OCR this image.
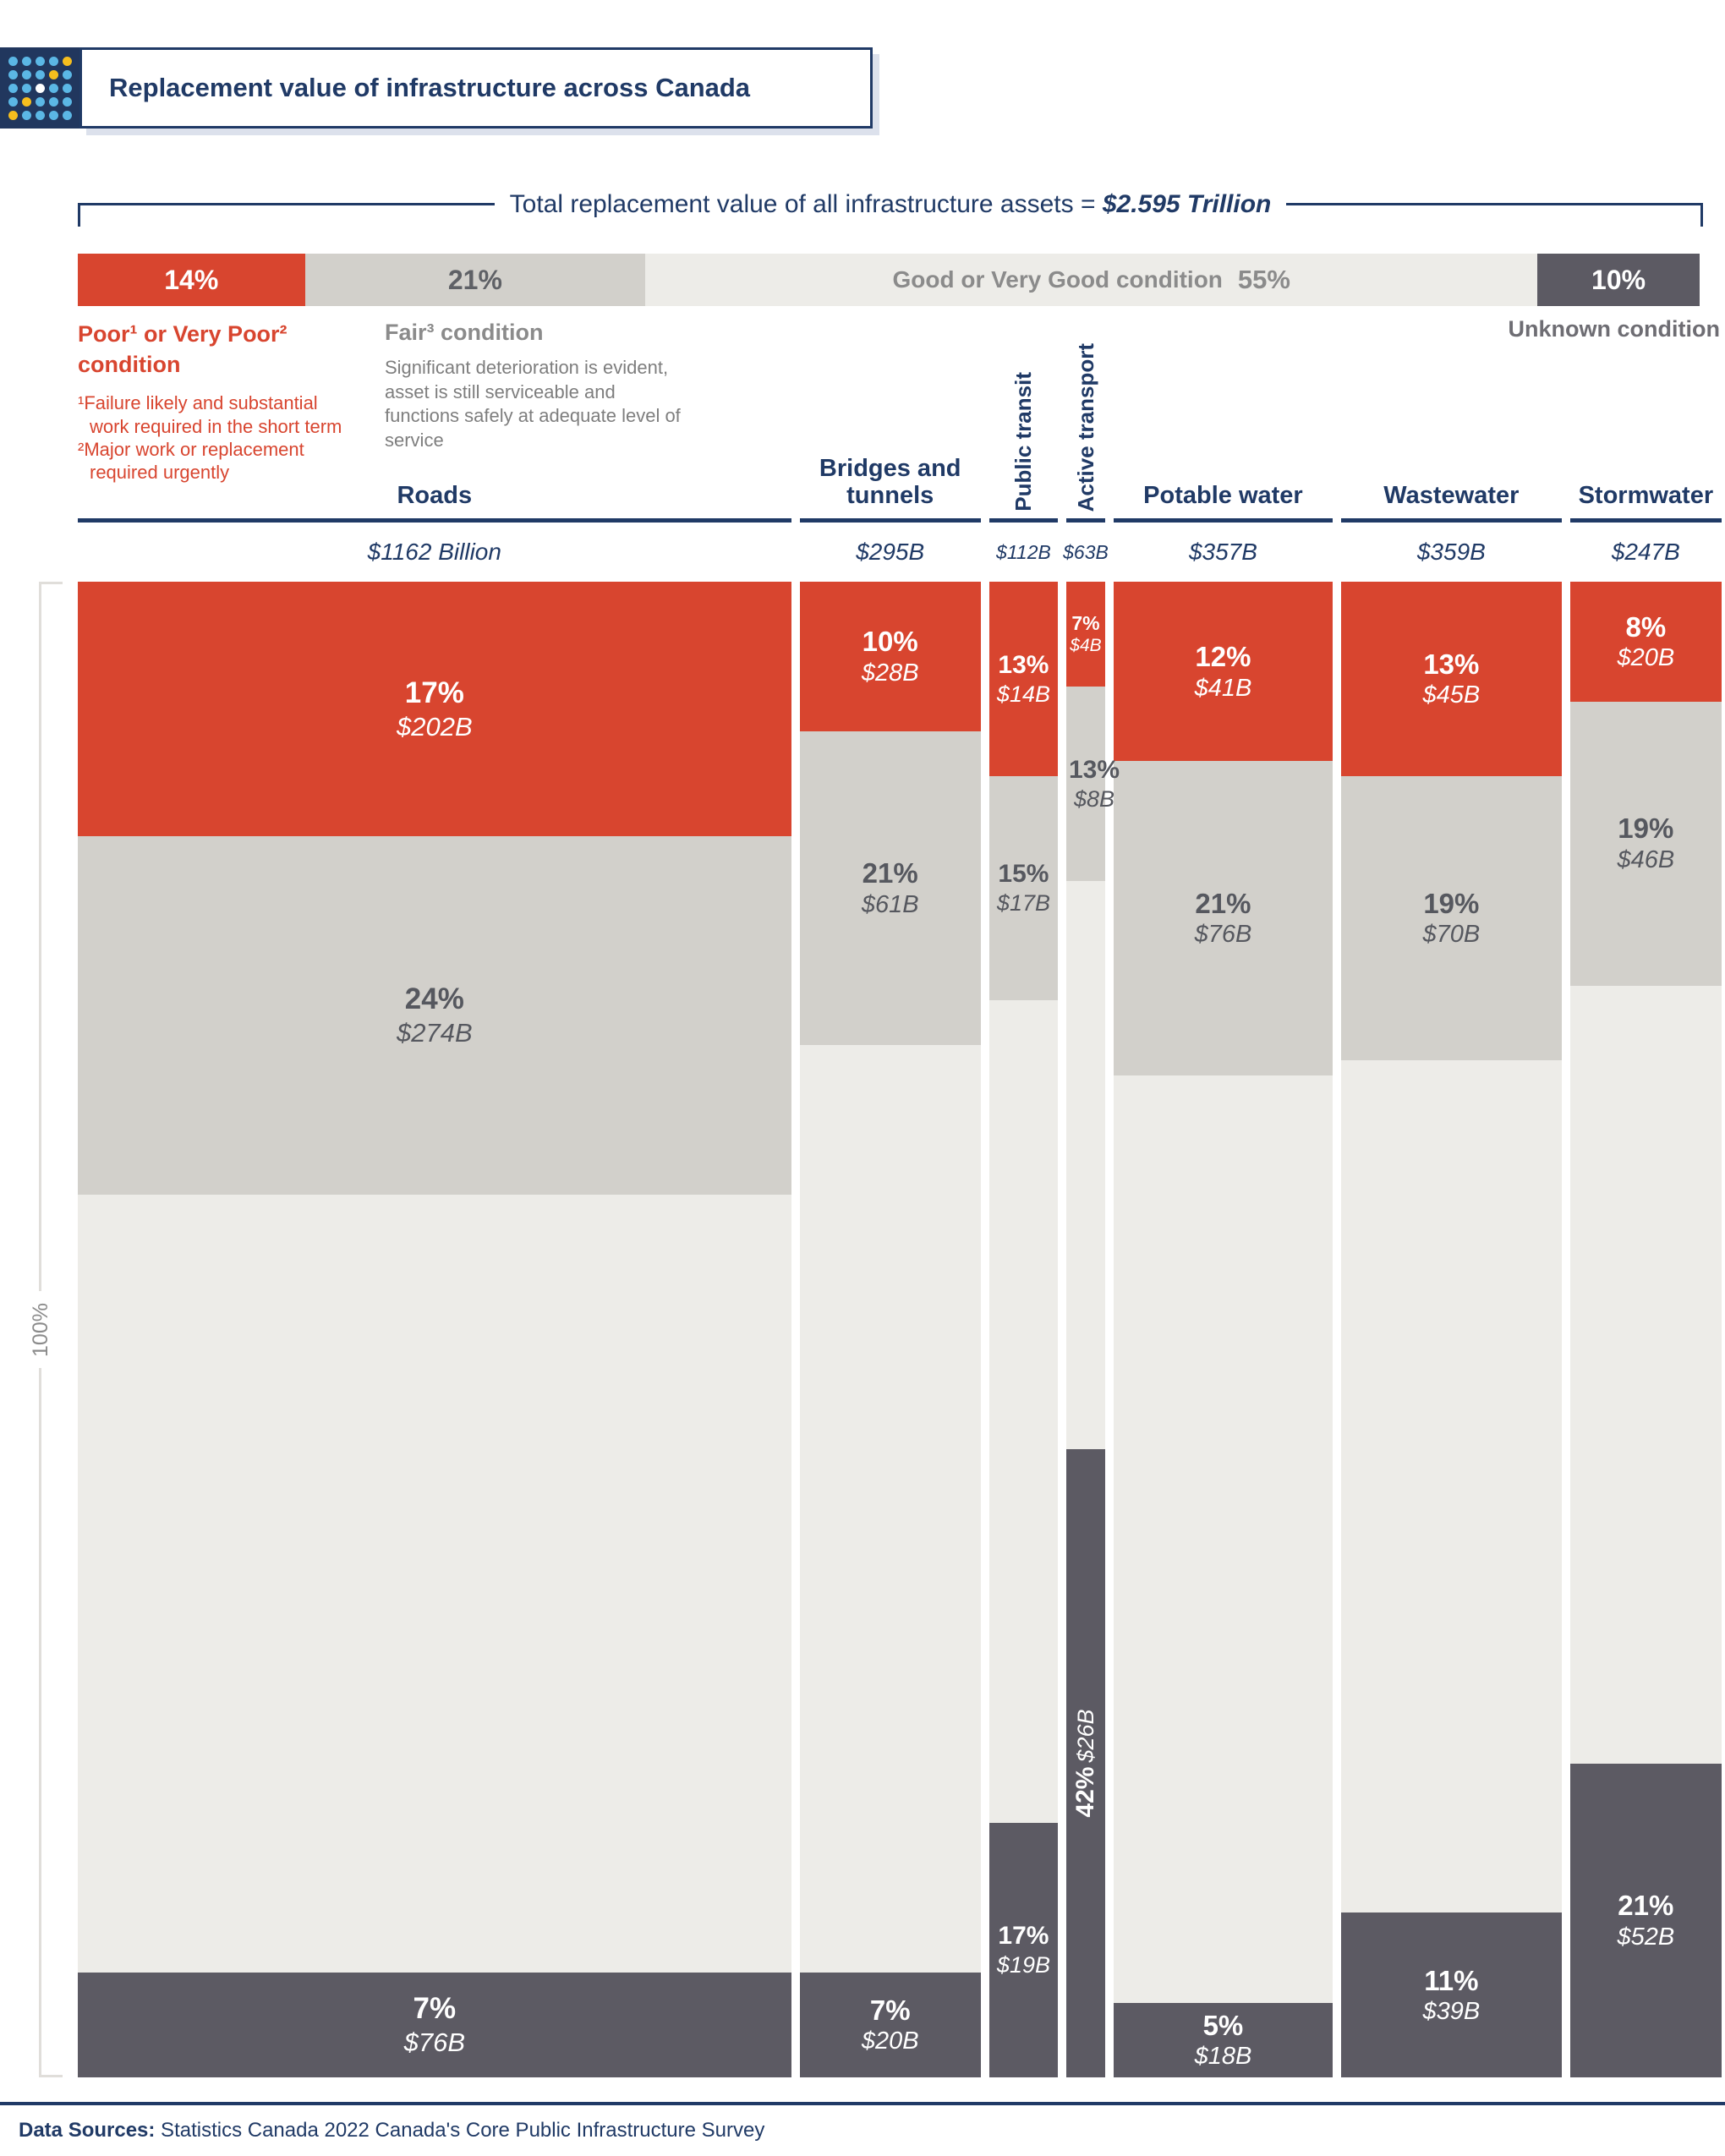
Replacement value of infrastructure across Canada
Total replacement value of all infrastructure assets = $2.595 Trillion
14%	21%	Good or Very Good condition 55%	10%
Poor¹ or Very Poor² condition
¹Failure likely and substantial work required in the short term
²Major work or replacement required urgently
Fair³ condition
Significant deterioration is evident, asset is still serviceable and functions safely at adequate level of service
Unknown condition
Roads
$1162 Billion
Bridges and tunnels
$295B
Public transit
$112B
Active transport
$63B
Potable water
$357B
Wastewater
$359B
Stormwater
$247B
17%
$202B
24%
$274B
7%
$76B
10%
$28B
21%
$61B
7%
$20B
13%
$14B
15%
$17B
17%
$19B
7%
$4B
13%
$8B
42% $26B
12%
$41B
21%
$76B
5%
$18B
13%
$45B
19%
$70B
11%
$39B
8%
$20B
19%
$46B
21%
$52B
100%
Data Sources: Statistics Canada 2022 Canada's Core Public Infrastructure Survey
